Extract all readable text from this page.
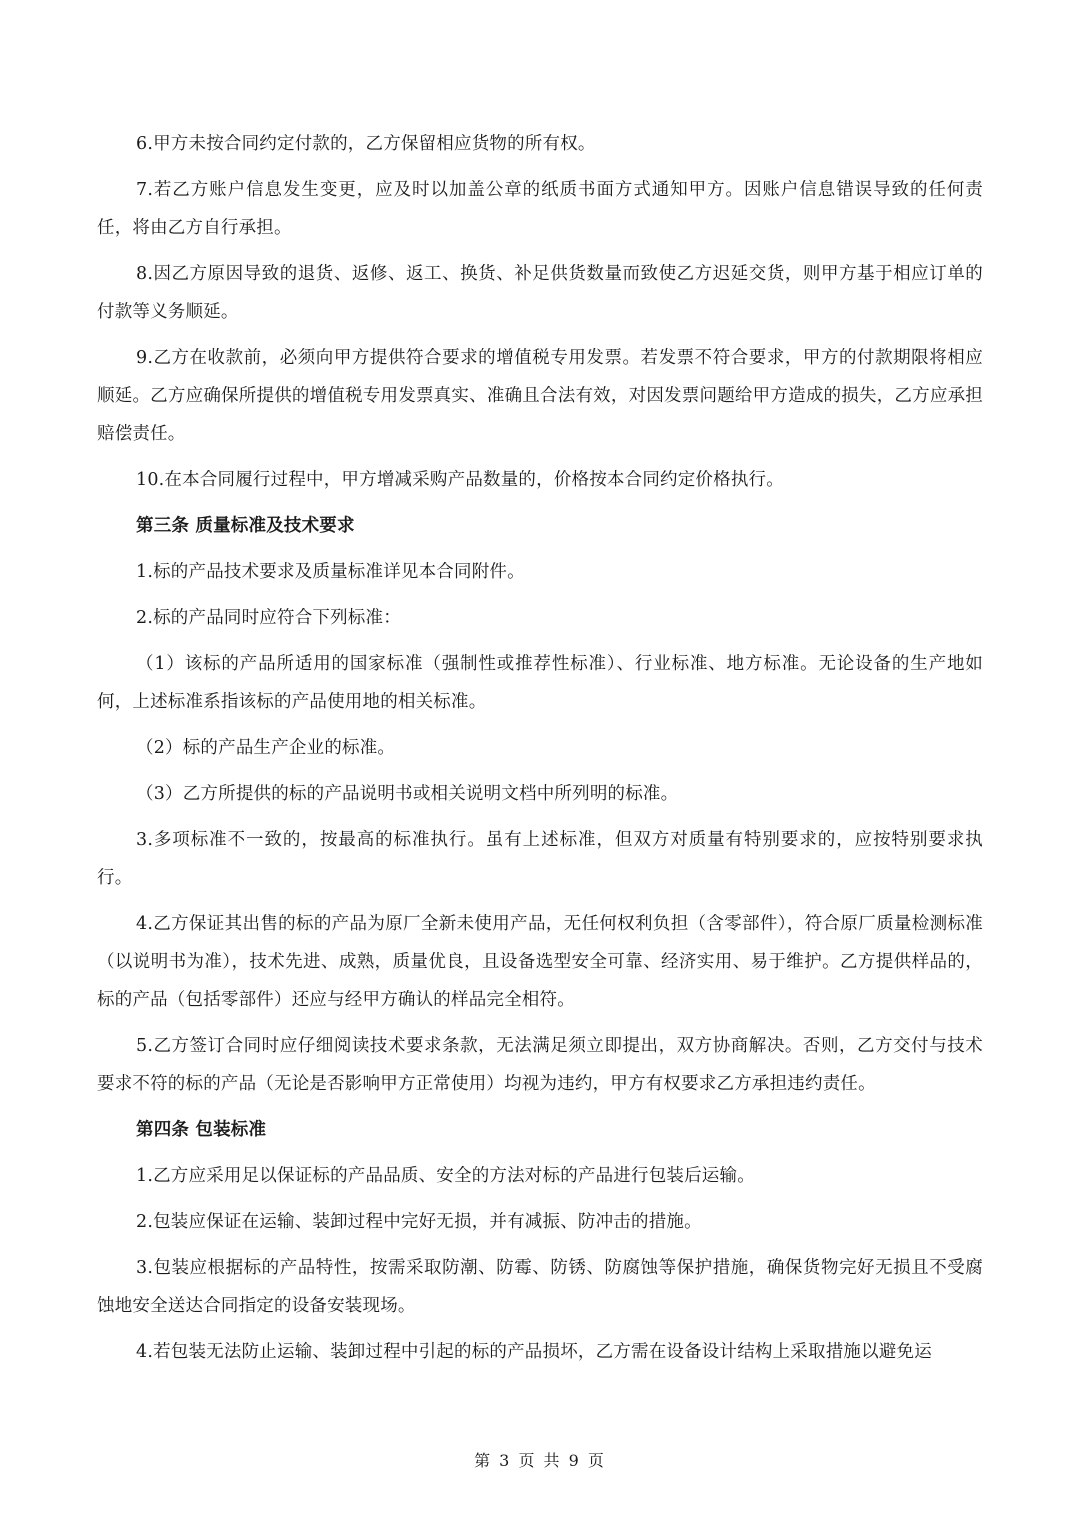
6.甲方未按合同约定付款的，乙方保留相应货物的所有权。

7.若乙方账户信息发生变更，应及时以加盖公章的纸质书面方式通知甲方。因账户信息错误导致的任何责任，将由乙方自行承担。

8.因乙方原因导致的退货、返修、返工、换货、补足供货数量而致使乙方迟延交货，则甲方基于相应订单的付款等义务顺延。

9.乙方在收款前，必须向甲方提供符合要求的增值税专用发票。若发票不符合要求，甲方的付款期限将相应顺延。乙方应确保所提供的增值税专用发票真实、准确且合法有效，对因发票问题给甲方造成的损失，乙方应承担赔偿责任。

10.在本合同履行过程中，甲方增减采购产品数量的，价格按本合同约定价格执行。

第三条 质量标准及技术要求

1.标的产品技术要求及质量标准详见本合同附件。

2.标的产品同时应符合下列标准：

（1）该标的产品所适用的国家标准（强制性或推荐性标准）、行业标准、地方标准。无论设备的生产地如何，上述标准系指该标的产品使用地的相关标准。

（2）标的产品生产企业的标准。

（3）乙方所提供的标的产品说明书或相关说明文档中所列明的标准。

3.多项标准不一致的，按最高的标准执行。虽有上述标准，但双方对质量有特别要求的，应按特别要求执行。

4.乙方保证其出售的标的产品为原厂全新未使用产品，无任何权利负担（含零部件），符合原厂质量检测标准（以说明书为准），技术先进、成熟，质量优良，且设备选型安全可靠、经济实用、易于维护。乙方提供样品的，标的产品（包括零部件）还应与经甲方确认的样品完全相符。

5.乙方签订合同时应仔细阅读技术要求条款，无法满足须立即提出，双方协商解决。否则，乙方交付与技术要求不符的标的产品（无论是否影响甲方正常使用）均视为违约，甲方有权要求乙方承担违约责任。

第四条 包装标准

1.乙方应采用足以保证标的产品品质、安全的方法对标的产品进行包装后运输。

2.包装应保证在运输、装卸过程中完好无损，并有减振、防冲击的措施。

3.包装应根据标的产品特性，按需采取防潮、防霉、防锈、防腐蚀等保护措施，确保货物完好无损且不受腐蚀地安全送达合同指定的设备安装现场。

4.若包装无法防止运输、装卸过程中引起的标的产品损坏，乙方需在设备设计结构上采取措施以避免运

第 3 页 共 9 页
